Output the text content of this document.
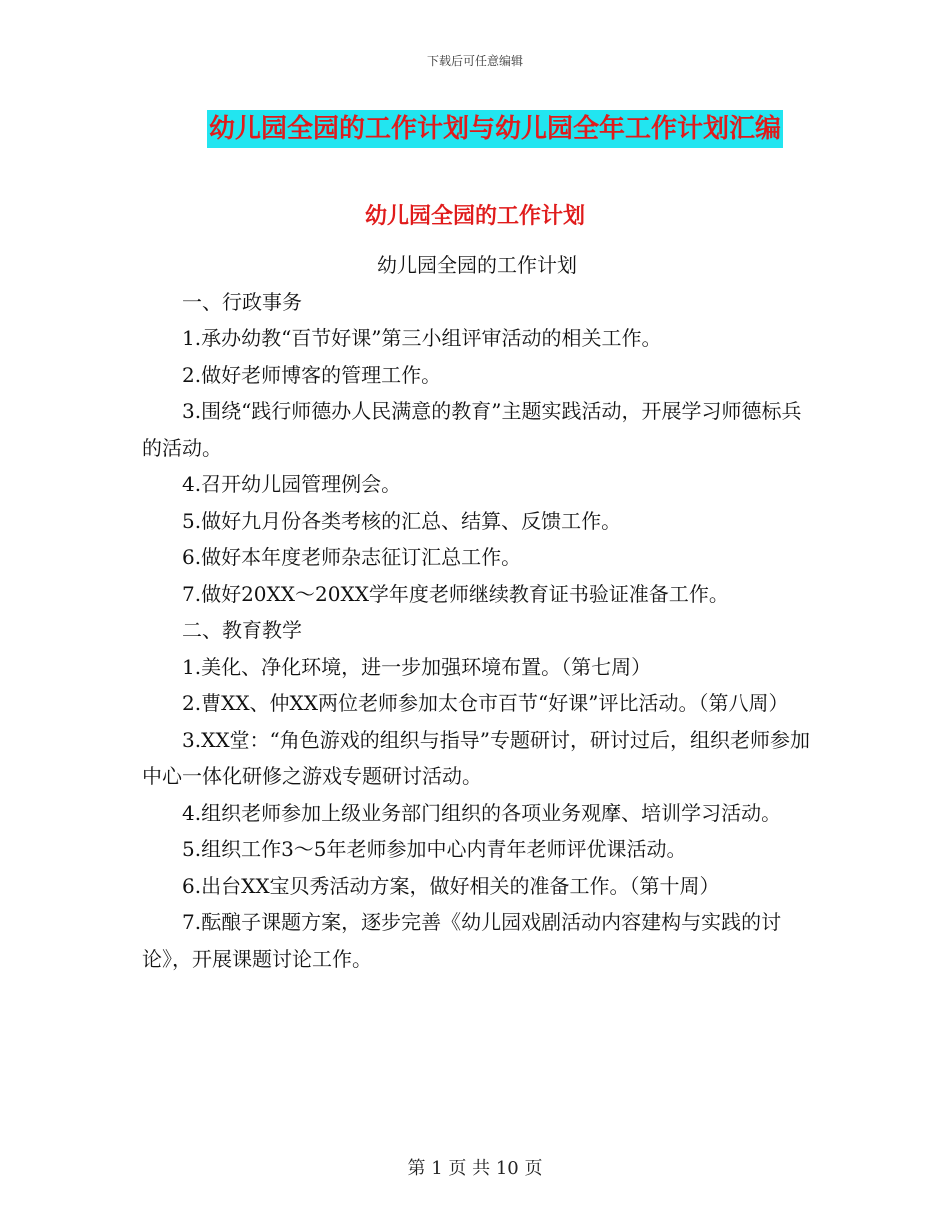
下载后可任意编辑
幼儿园全园的工作计划与幼儿园全年工作计划汇编
幼儿园全园的工作计划

幼儿园全园的工作计划

一、行政事务

1.承办幼教“百节好课”第三小组评审活动的相关工作。

2.做好老师博客的管理工作。

3.围绕“践行师德办人民满意的教育”主题实践活动，开展学习师德标兵的活动。

4.召开幼儿园管理例会。

5.做好九月份各类考核的汇总、结算、反馈工作。

6.做好本年度老师杂志征订汇总工作。

7.做好20XX～20XX学年度老师继续教育证书验证准备工作。

二、教育教学

1.美化、净化环境，进一步加强环境布置。（第七周）

2.曹XX、仲XX两位老师参加太仓市百节“好课”评比活动。（第八周）

3.XX堂：“角色游戏的组织与指导”专题研讨，研讨过后，组织老师参加中心一体化研修之游戏专题研讨活动。

4.组织老师参加上级业务部门组织的各项业务观摩、培训学习活动。

5.组织工作3～5年老师参加中心内青年老师评优课活动。

6.出台XX宝贝秀活动方案，做好相关的准备工作。（第十周）

7.酝酿子课题方案，逐步完善《幼儿园戏剧活动内容建构与实践的讨论》，开展课题讨论工作。

第 1 页 共 10 页
